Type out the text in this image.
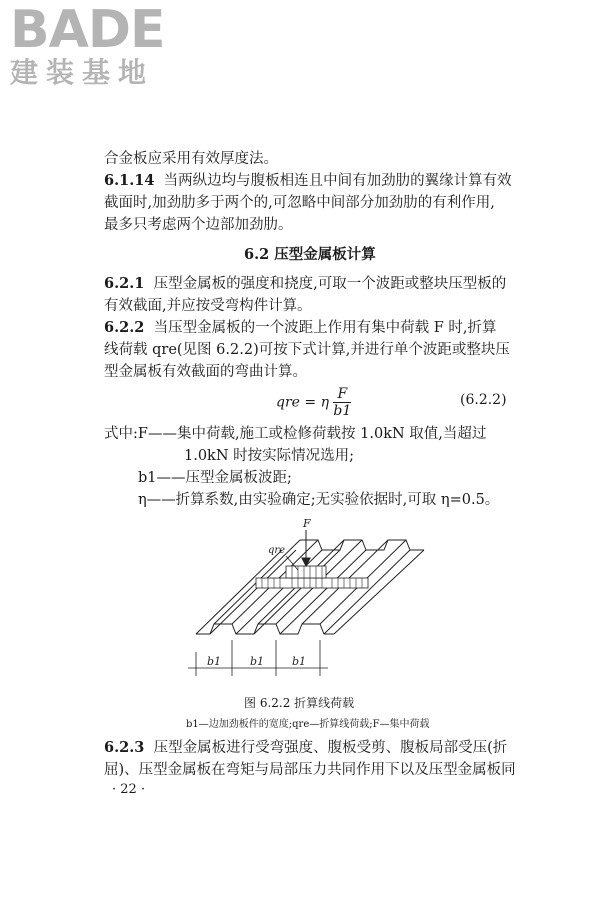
BADE
建装基地
合金板应采用有效厚度法。
6.1.14 当两纵边均与腹板相连且中间有加劲肋的翼缘计算有效
截面时,加劲肋多于两个的,可忽略中间部分加劲肋的有利作用,
最多只考虑两个边部加劲肋。
6.2 压型金属板计算
6.2.1 压型金属板的强度和挠度,可取一个波距或整块压型板的
有效截面,并应按受弯构件计算。
6.2.2 当压型金属板的一个波距上作用有集中荷载 F 时,折算
线荷载 qre(见图 6.2.2)可按下式计算,并进行单个波距或整块压
型金属板有效截面的弯曲计算。
qre = η $\frac{F}{b1}$	(6.2.2)
式中:F——集中荷载,施工或检修荷载按 1.0kN 取值,当超过
1.0kN 时按实际情况选用;
b1——压型金属板波距;
η——折算系数,由实验确定;无实验依据时,可取 η=0.5。
F
qre
b1	b1	b1
图 6.2.2 折算线荷载
b1—边加劲板件的宽度;qre—折算线荷载;F—集中荷载
6.2.3 压型金属板进行受弯强度、腹板受剪、腹板局部受压(折
屈)、压型金属板在弯矩与局部压力共同作用下以及压型金属板同
· 22 ·
